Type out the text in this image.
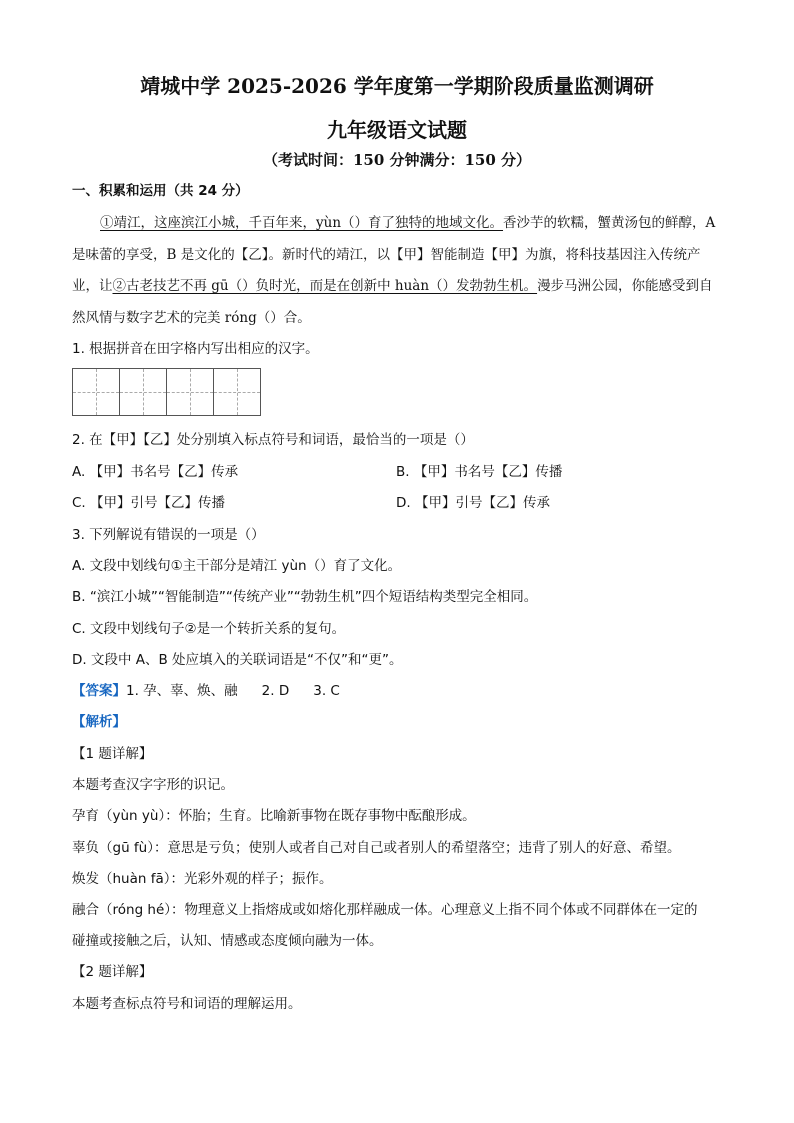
靖城中学 2025-2026 学年度第一学期阶段质量监测调研
九年级语文试题
（考试时间：150 分钟满分：150 分）
一、积累和运用（共 24 分）
①靖江，这座滨江小城，千百年来，yùn（）育了独特的地域文化。香沙芋的软糯，蟹黄汤包的鲜醇，A
是味蕾的享受，B 是文化的【乙】。新时代的靖江，以【甲】智能制造【甲】为旗，将科技基因注入传统产
业，让②古老技艺不再 gū（）负时光，而是在创新中 huàn（）发勃勃生机。漫步马洲公园，你能感受到自
然风情与数字艺术的完美 róng（）合。
1. 根据拼音在田字格内写出相应的汉字。
2. 在【甲】【乙】处分别填入标点符号和词语，最恰当的一项是（）
A. 【甲】书名号【乙】传承	B. 【甲】书名号【乙】传播
C. 【甲】引号【乙】传播	D. 【甲】引号【乙】传承
3. 下列解说有错误的一项是（）
A. 文段中划线句①主干部分是靖江 yùn（）育了文化。
B. “滨江小城”“智能制造”“传统产业”“勃勃生机”四个短语结构类型完全相同。
C. 文段中划线句子②是一个转折关系的复句。
D. 文段中 A、B 处应填入的关联词语是“不仅”和“更”。
【答案】1. 孕、辜、焕、融 2. D 3. C
【解析】
【1 题详解】
本题考查汉字字形的识记。
孕育（yùn yù）：怀胎；生育。比喻新事物在既存事物中酝酿形成。
辜负（gū fù）：意思是亏负；使别人或者自己对自己或者别人的希望落空；违背了别人的好意、希望。
焕发（huàn fā）：光彩外观的样子；振作。
融合（róng hé）：物理意义上指熔成或如熔化那样融成一体。心理意义上指不同个体或不同群体在一定的
碰撞或接触之后，认知、情感或态度倾向融为一体。
【2 题详解】
本题考查标点符号和词语的理解运用。
